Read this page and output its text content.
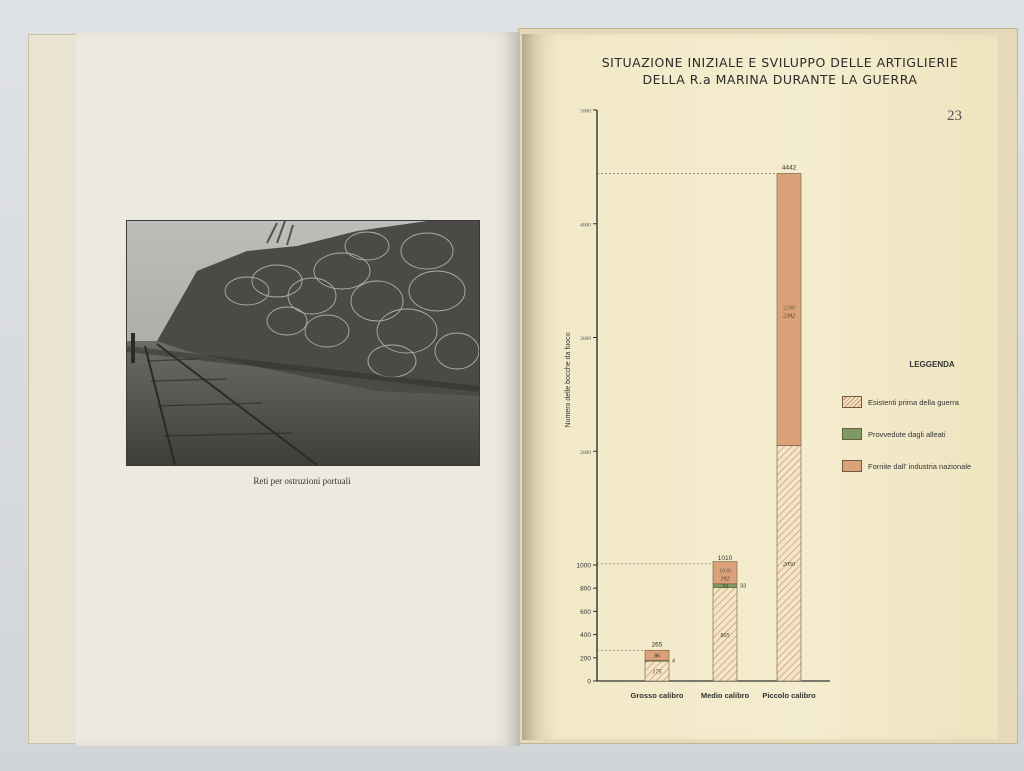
Reti per ostruzioni portuali
SITUAZIONE INIZIALE E SVILUPPO DELLE ARTIGLIERIE
DELLA R.a MARINA DURANTE LA GUERRA
23
0
200
400
600
800
1000
2000
3000
4000
5000
Numero delle bocche da fuoco
265
175
86
4
Grosso calibro
1010
805
33
192
1030
33
Medio calibro
4442
2050
2392
2290
Piccolo calibro
LEGGENDA
Esistenti prima della guerra
Provvedute dagli alleati
Fornite dall' industria nazionale
